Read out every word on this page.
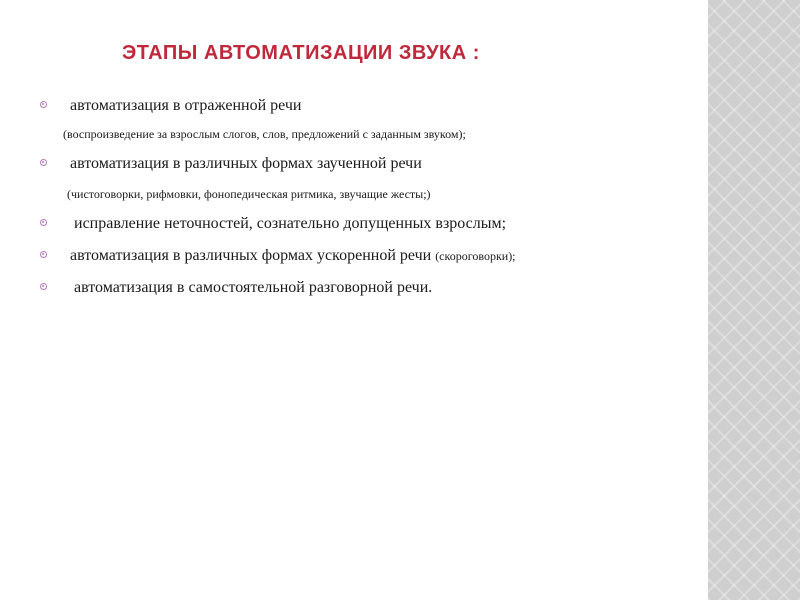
ЭТАПЫ АВТОМАТИЗАЦИИ ЗВУКА :
автоматизация в отраженной речи
(воспроизведение за взрослым слогов, слов, предложений с заданным звуком);
автоматизация в различных формах заученной речи
(чистоговорки, рифмовки, фонопедическая ритмика, звучащие жесты;)
исправление неточностей, сознательно допущенных взрослым;
автоматизация в различных формах ускоренной речи (скороговорки);
автоматизация в самостоятельной разговорной речи.
